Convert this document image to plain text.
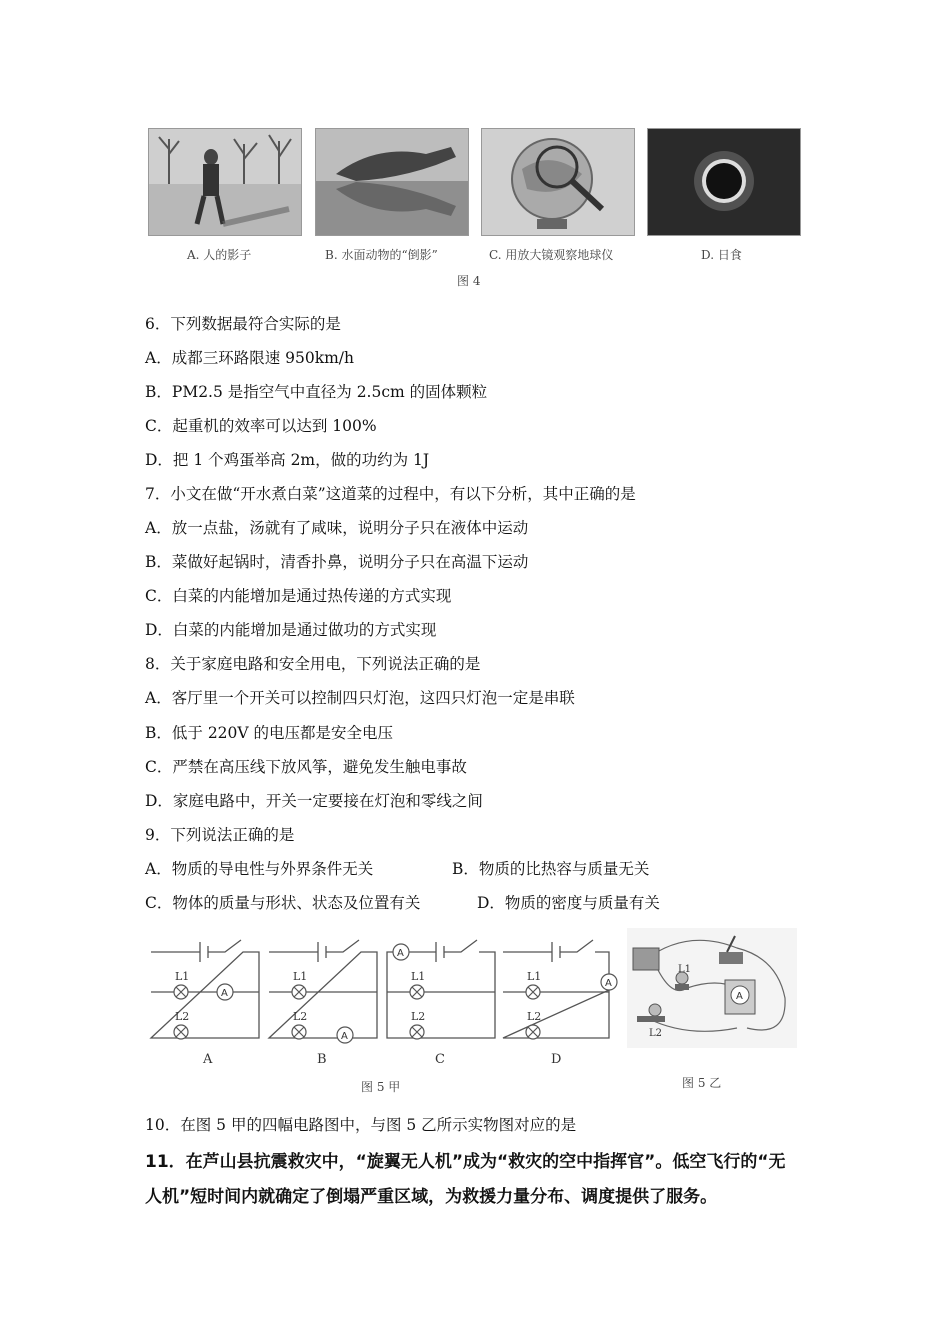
A. 人的影子	B. 水面动物的“倒影”	C. 用放大镜观察地球仪	D. 日食
图 4
6．下列数据最符合实际的是
A．成都三环路限速 950km/h
B．PM2.5 是指空气中直径为 2.5cm 的固体颗粒
C．起重机的效率可以达到 100%
D．把 1 个鸡蛋举高 2m，做的功约为 1J
7．小文在做“开水煮白菜”这道菜的过程中，有以下分析，其中正确的是
A．放一点盐，汤就有了咸味，说明分子只在液体中运动
B．菜做好起锅时，清香扑鼻，说明分子只在高温下运动
C．白菜的内能增加是通过热传递的方式实现
D．白菜的内能增加是通过做功的方式实现
8．关于家庭电路和安全用电，下列说法正确的是
A．客厅里一个开关可以控制四只灯泡，这四只灯泡一定是串联
B．低于 220V 的电压都是安全电压
C．严禁在高压线下放风筝，避免发生触电事故
D．家庭电路中，开关一定要接在灯泡和零线之间
9．下列说法正确的是
A．物质的导电性与外界条件无关	B．物质的比热容与质量无关
C．物体的质量与形状、状态及位置有关	D．物质的密度与质量有关
A
L1
L2
A
L1
L2
A
L1
L2
A
L1
L2
A
L1
L2
A	B	C	D
图 5 甲	图 5 乙
10．在图 5 甲的四幅电路图中，与图 5 乙所示实物图对应的是
11．在芦山县抗震救灾中，“旋翼无人机”成为“救灾的空中指挥官”。低空飞行的“无
人机”短时间内就确定了倒塌严重区域，为救援力量分布、调度提供了服务。
